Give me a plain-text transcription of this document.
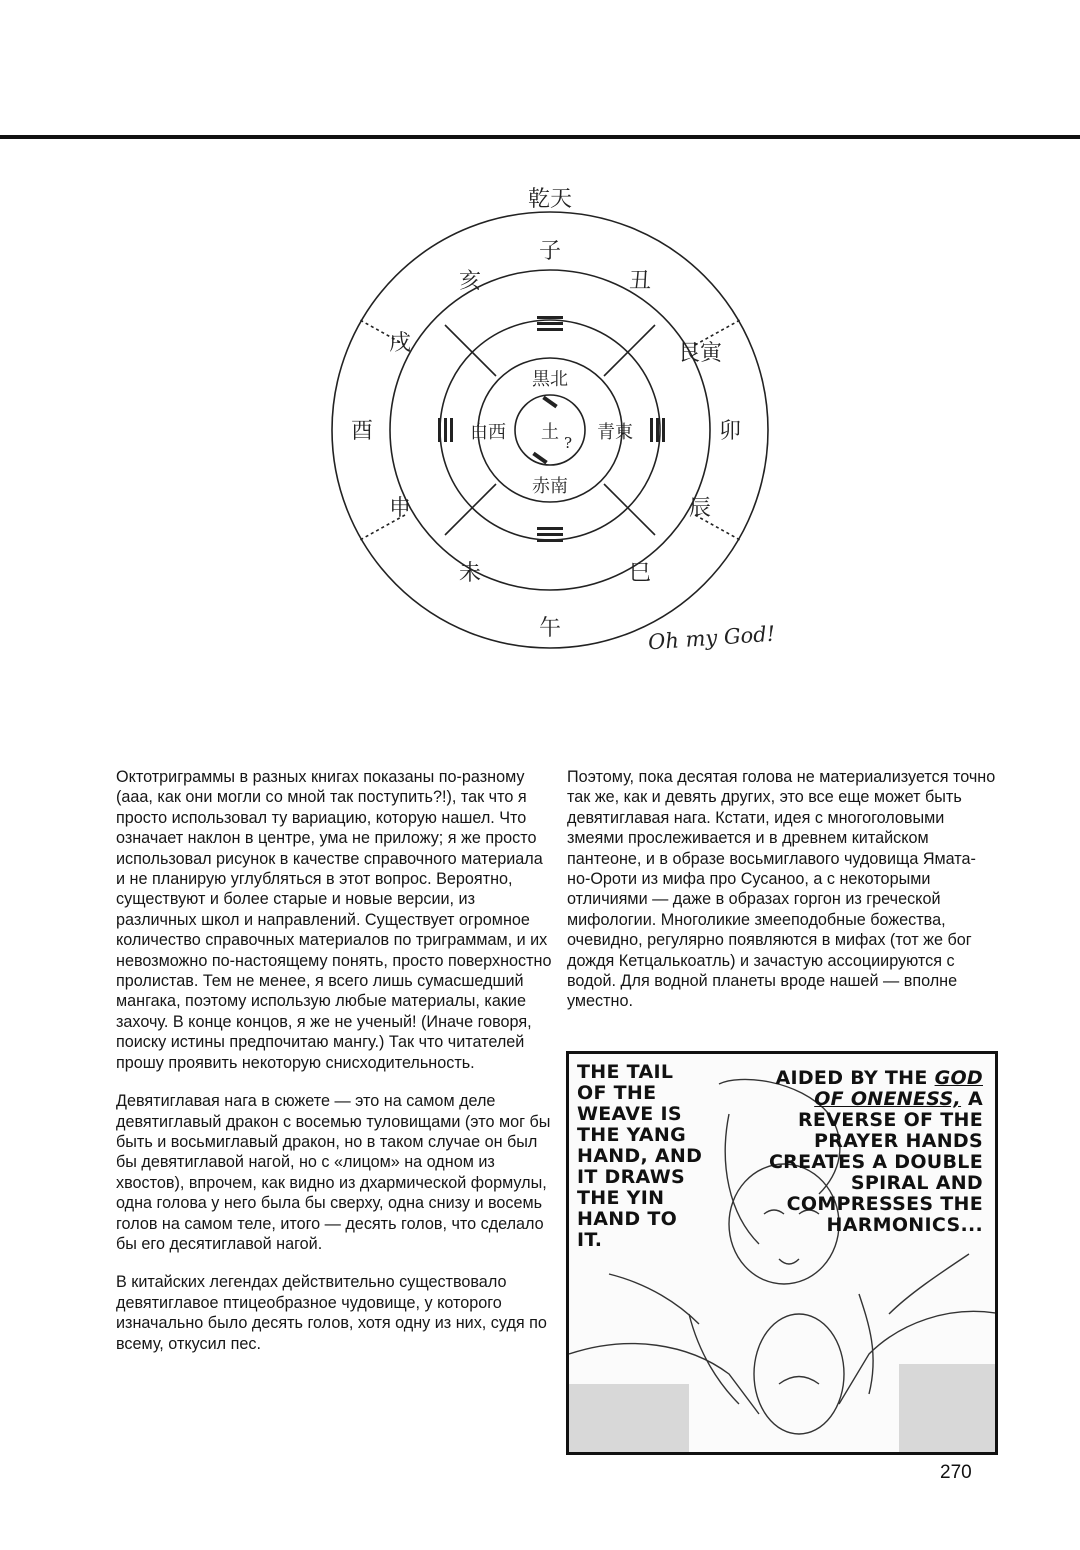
乾天
子
丑
艮寅
卯
辰
巳
午
未
申
酉
戌
亥
土 ? 青東
赤南
白西
黒北
Oh my God!

Октотриграммы в разных книгах показаны по-разному (ааа, как они могли со мной так поступить?!), так что я просто использовал ту вариацию, которую нашел. Что означает наклон в центре, ума не приложу; я же просто использовал рисунок в качестве справочного материала и не планирую углубляться в этот вопрос. Вероятно, существуют и более старые и новые версии, из различных школ и направлений. Существует огромное количество справочных материалов по триграммам, и их невозможно по-настоящему понять, просто поверхностно пролистав. Тем не менее, я всего лишь сумасшедший мангака, поэтому использую любые материалы, какие захочу. В конце концов, я же не ученый! (Иначе говоря, поиску истины предпочитаю мангу.) Так что читателей прошу проявить некоторую снисходительность.

Девятиглавая нага в сюжете — это на самом деле девятиглавый дракон с восемью туловищами (это мог бы быть и восьмиглавый дракон, но в таком случае он был бы девятиглавой нагой, но с «лицом» на одном из хвостов), впрочем, как видно из дхармической формулы, одна голова у него была бы сверху, одна снизу и восемь голов на самом теле, итого — десять голов, что сделало бы его десятиглавой нагой.

В китайских легендах действительно существовало девятиглавое птицеобразное чудовище, у которого изначально было десять голов, хотя одну из них, судя по всему, откусил пес.

Поэтому, пока десятая голова не материализуется точно так же, как и девять других, это все еще может быть девятиглавая нага. Кстати, идея с многоголовыми змеями прослеживается и в древнем китайском пантеоне, и в образе восьмиглавого чудовища Ямата-но-Ороти из мифа про Сусаноо, а с некоторыми отличиями — даже в образах горгон из греческой мифологии. Многоликие змееподобные божества, очевидно, регулярно появляются в мифах (тот же бог дождя Кетцалькоатль) и зачастую ассоциируются с водой. Для водной планеты вроде нашей — вполне уместно.

THE TAIL OF THE WEAVE IS THE YANG HAND, AND IT DRAWS THE YIN HAND TO IT.
AIDED BY THE GOD OF ONENESS, A REVERSE OF THE PRAYER HANDS CREATES A DOUBLE SPIRAL AND COMPRESSES THE HARMONICS...
270
